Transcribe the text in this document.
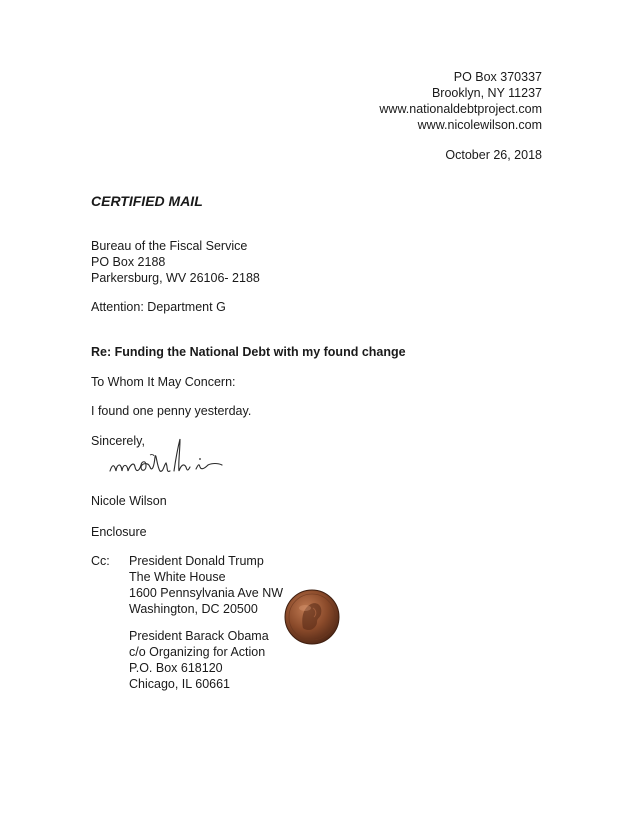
PO Box 370337
Brooklyn, NY 11237
www.nationaldebtproject.com
www.nicolewilson.com
October 26, 2018
CERTIFIED MAIL
Bureau of the Fiscal Service
PO Box 2188
Parkersburg, WV 26106- 2188
Attention: Department G
Re: Funding the National Debt with my found change
To Whom It May Concern:
I found one penny yesterday.
Sincerely,
Nicole Wilson
Enclosure
Cc: President Donald Trump
The White House
1600 Pennsylvania Ave NW
Washington, DC 20500
President Barack Obama
c/o Organizing for Action
P.O. Box 618120
Chicago, IL 60661
